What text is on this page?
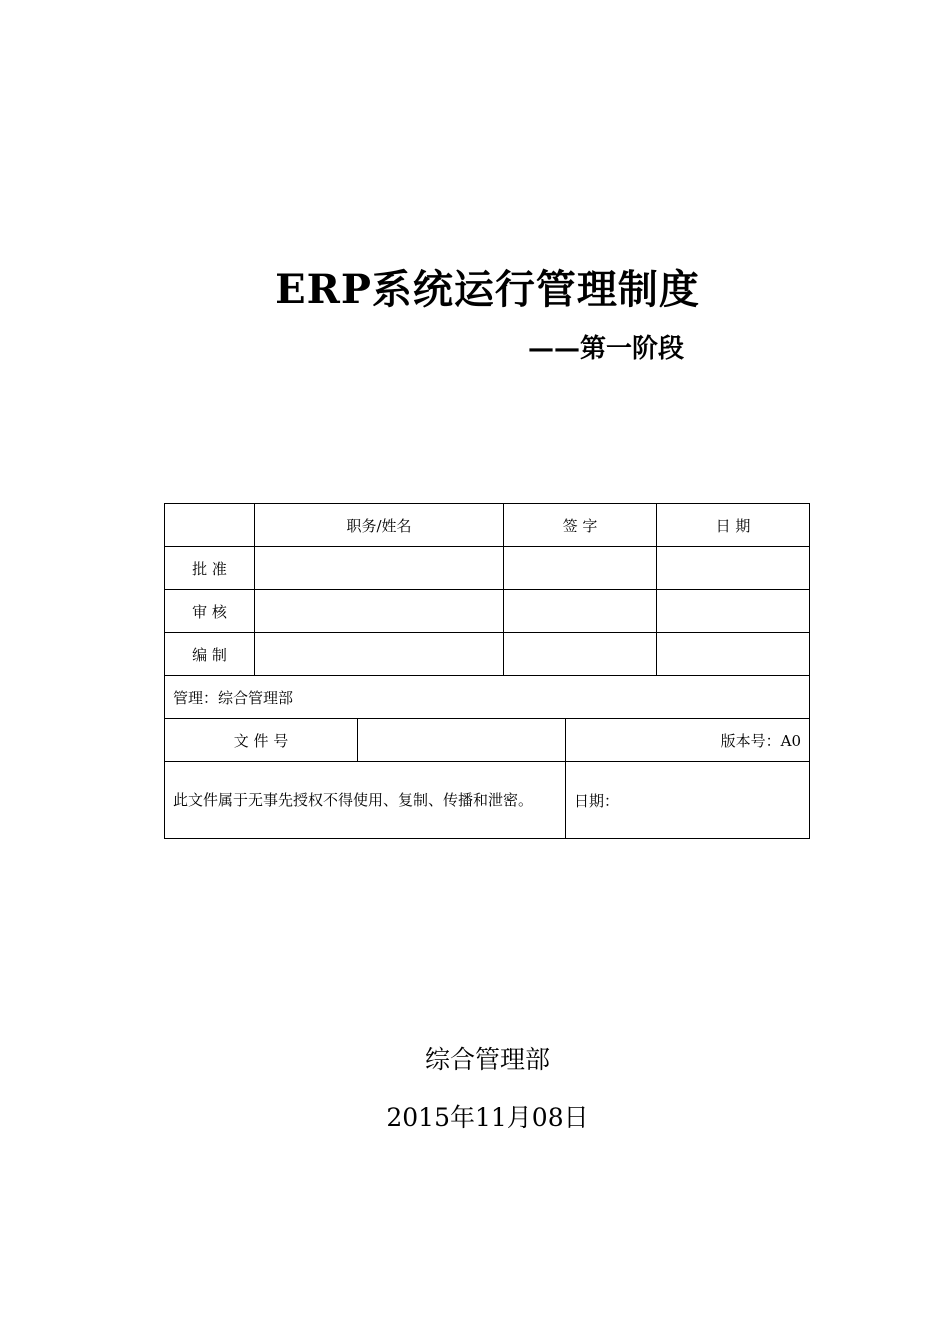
ERP系统运行管理制度
——第一阶段
	职务/姓名		签 字		日 期
批 准					
审 核					
编 制					
管理：综合管理部					
文 件 号				版本号：A0	
此文件属于无事先授权不得使用、复制、传播和泄密。				日期：	
综合管理部
2015年11月08日
